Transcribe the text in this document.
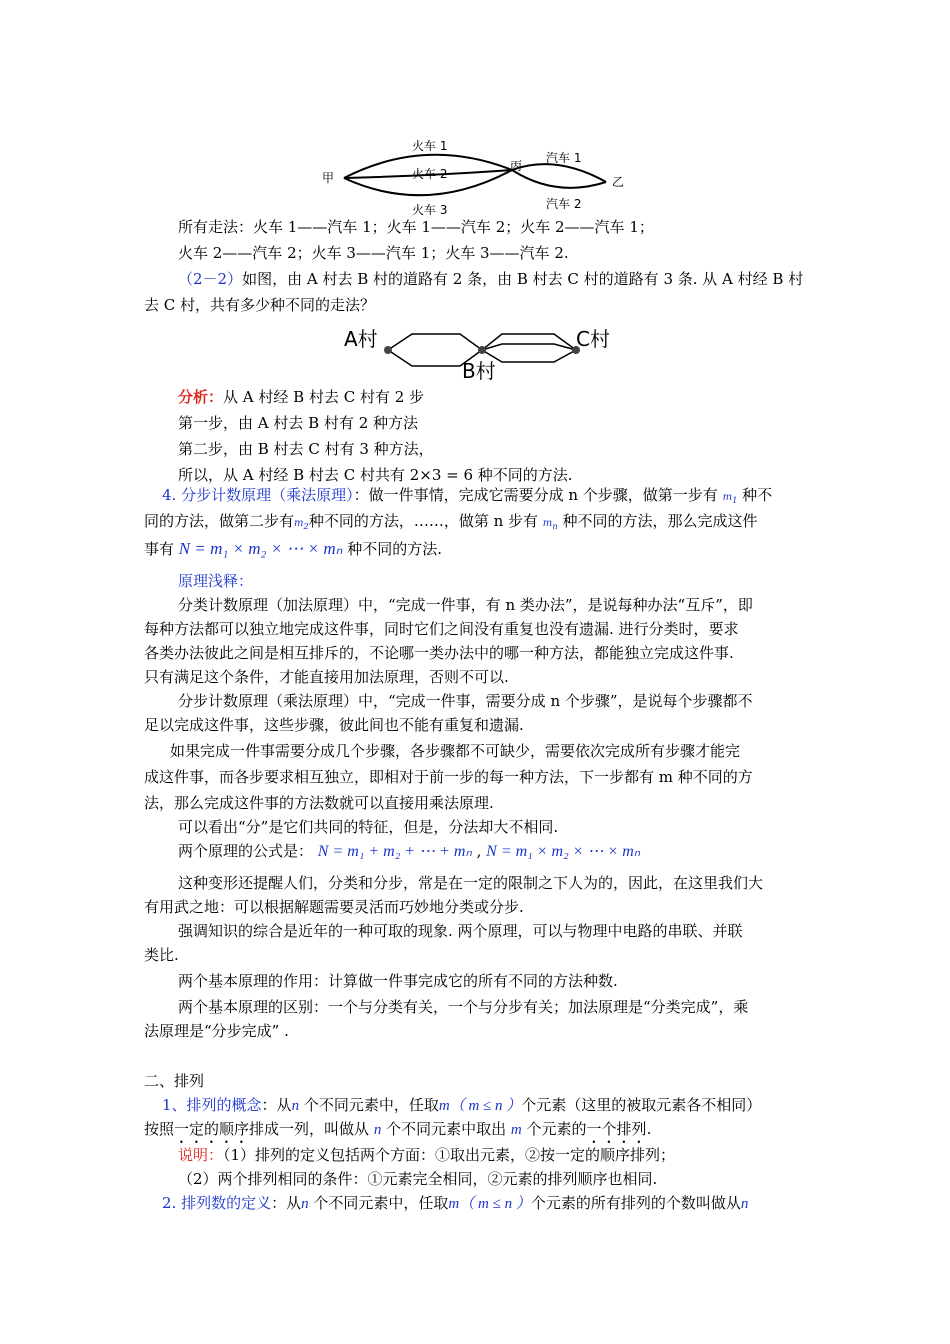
甲
丙
乙
火车 1
火车 2
火车 3
汽车 1
汽车 2
所有走法：火车 1——汽车 1；火车 1——汽车 2；火车 2——汽车 1；
火车 2——汽车 2；火车 3——汽车 1；火车 3——汽车 2.
（2－2）如图，由 A 村去 B 村的道路有 2 条，由 B 村去 C 村的道路有 3 条. 从 A 村经 B 村
去 C 村，共有多少种不同的走法？
A村
B村
C村
分析：从 A 村经 B 村去 C 村有 2 步
第一步，由 A 村去 B 村有 2 种方法
第二步，由 B 村去 C 村有 3 种方法，
所以，从 A 村经 B 村去 C 村共有 2×3 = 6 种不同的方法.
4. 分步计数原理（乘法原理）：做一件事情，完成它需要分成 n 个步骤，做第一步有 $m_1$ 种不
同的方法，做第二步有$m_2$种不同的方法，……，做第 n 步有 $m_n$ 种不同的方法，那么完成这件
事有 N = m₁ × m₂ × ⋯ × mₙ 种不同的方法.
原理浅释：
分类计数原理（加法原理）中，“完成一件事，有 n 类办法”，是说每种办法“互斥”，即
每种方法都可以独立地完成这件事，同时它们之间没有重复也没有遗漏. 进行分类时，要求
各类办法彼此之间是相互排斥的，不论哪一类办法中的哪一种方法，都能独立完成这件事.
只有满足这个条件，才能直接用加法原理，否则不可以.
分步计数原理（乘法原理）中，“完成一件事，需要分成 n 个步骤”，是说每个步骤都不
足以完成这件事，这些步骤，彼此间也不能有重复和遗漏.
如果完成一件事需要分成几个步骤，各步骤都不可缺少，需要依次完成所有步骤才能完
成这件事，而各步要求相互独立，即相对于前一步的每一种方法，下一步都有 m 种不同的方
法，那么完成这件事的方法数就可以直接用乘法原理.
可以看出“分”是它们共同的特征，但是，分法却大不相同.
两个原理的公式是： N = m₁ + m₂ + ⋯ + mₙ , N = m₁ × m₂ × ⋯ × mₙ
这种变形还提醒人们，分类和分步，常是在一定的限制之下人为的，因此，在这里我们大
有用武之地：可以根据解题需要灵活而巧妙地分类或分步.
强调知识的综合是近年的一种可取的现象. 两个原理，可以与物理中电路的串联、并联
类比.
两个基本原理的作用：计算做一件事完成它的所有不同的方法种数.
两个基本原理的区别：一个与分类有关，一个与分步有关；加法原理是“分类完成”，乘
法原理是“分步完成” .
二、排列
1、排列的概念：从n 个不同元素中，任取m（ m ≤ n ）个元素（这里的被取元素各不相同）
按照一定的顺序排成一列，叫做从 n 个不同元素中取出 m 个元素的一个排列.
说明：（1）排列的定义包括两个方面：①取出元素，②按一定的顺序排列；
（2）两个排列相同的条件：①元素完全相同，②元素的排列顺序也相同.
2. 排列数的定义：从n 个不同元素中，任取m（ m ≤ n ）个元素的所有排列的个数叫做从n
